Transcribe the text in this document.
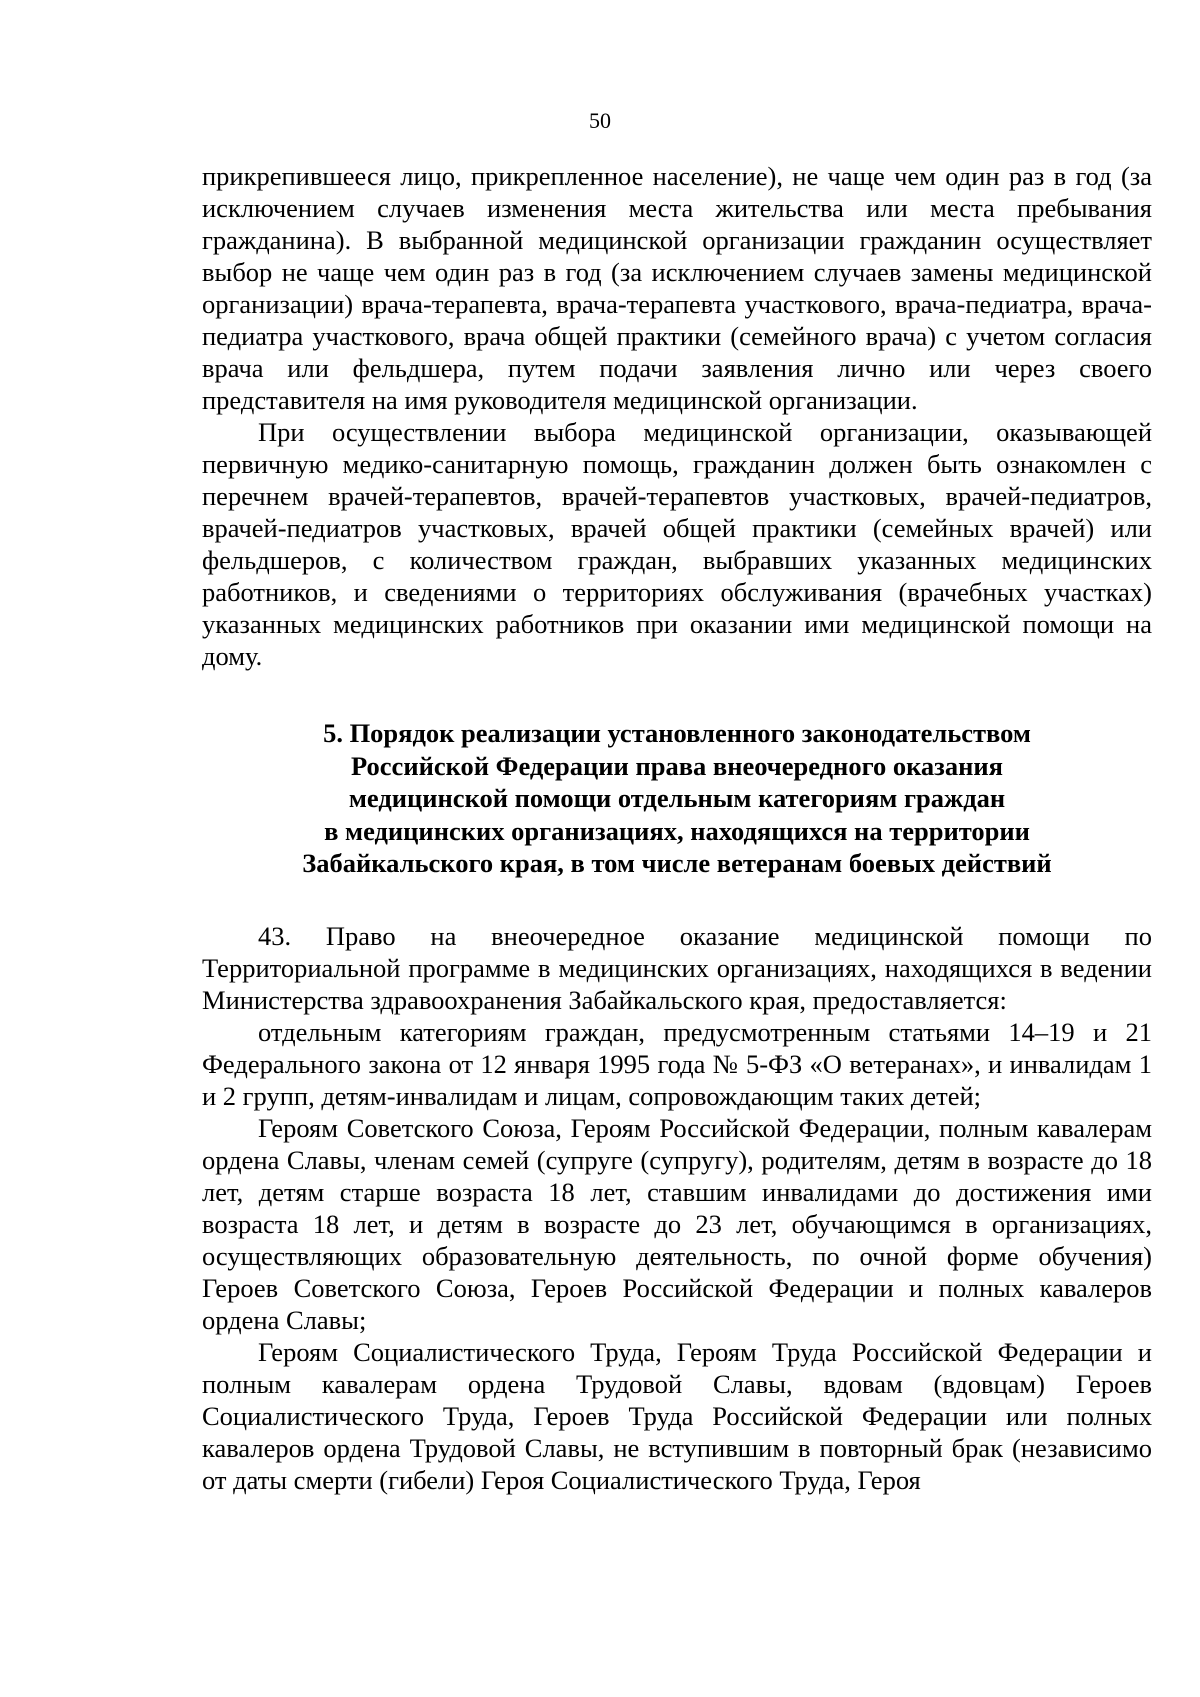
50

прикрепившееся лицо, прикрепленное население), не чаще чем один раз в год (за исключением случаев изменения места жительства или места пребывания гражданина). В выбранной медицинской организации гражданин осуществляет выбор не чаще чем один раз в год (за исключением случаев замены медицинской организации) врача-терапевта, врача-терапевта участкового, врача-педиатра, врача-педиатра участкового, врача общей практики (семейного врача) с учетом согласия врача или фельдшера, путем подачи заявления лично или через своего представителя на имя руководителя медицинской организации.

При осуществлении выбора медицинской организации, оказывающей первичную медико-санитарную помощь, гражданин должен быть ознакомлен с перечнем врачей-терапевтов, врачей-терапевтов участковых, врачей-педиатров, врачей-педиатров участковых, врачей общей практики (семейных врачей) или фельдшеров, с количеством граждан, выбравших указанных медицинских работников, и сведениями о территориях обслуживания (врачебных участках) указанных медицинских работников при оказании ими медицинской помощи на дому.

5. Порядок реализации установленного законодательством
Российской Федерации права внеочередного оказания
медицинской помощи отдельным категориям граждан
в медицинских организациях, находящихся на территории
Забайкальского края, в том числе ветеранам боевых действий

43. Право на внеочередное оказание медицинской помощи по Территориальной программе в медицинских организациях, находящихся в ведении Министерства здравоохранения Забайкальского края, предоставляется:

отдельным категориям граждан, предусмотренным статьями 14–19 и 21 Федерального закона от 12 января 1995 года № 5-ФЗ «О ветеранах», и инвалидам 1 и 2 групп, детям-инвалидам и лицам, сопровождающим таких детей;

Героям Советского Союза, Героям Российской Федерации, полным кавалерам ордена Славы, членам семей (супруге (супругу), родителям, детям в возрасте до 18 лет, детям старше возраста 18 лет, ставшим инвалидами до достижения ими возраста 18 лет, и детям в возрасте до 23 лет, обучающимся в организациях, осуществляющих образовательную деятельность, по очной форме обучения) Героев Советского Союза, Героев Российской Федерации и полных кавалеров ордена Славы;

Героям Социалистического Труда, Героям Труда Российской Федерации и полным кавалерам ордена Трудовой Славы, вдовам (вдовцам) Героев Социалистического Труда, Героев Труда Российской Федерации или полных кавалеров ордена Трудовой Славы, не вступившим в повторный брак (независимо от даты смерти (гибели) Героя Социалистического Труда, Героя
